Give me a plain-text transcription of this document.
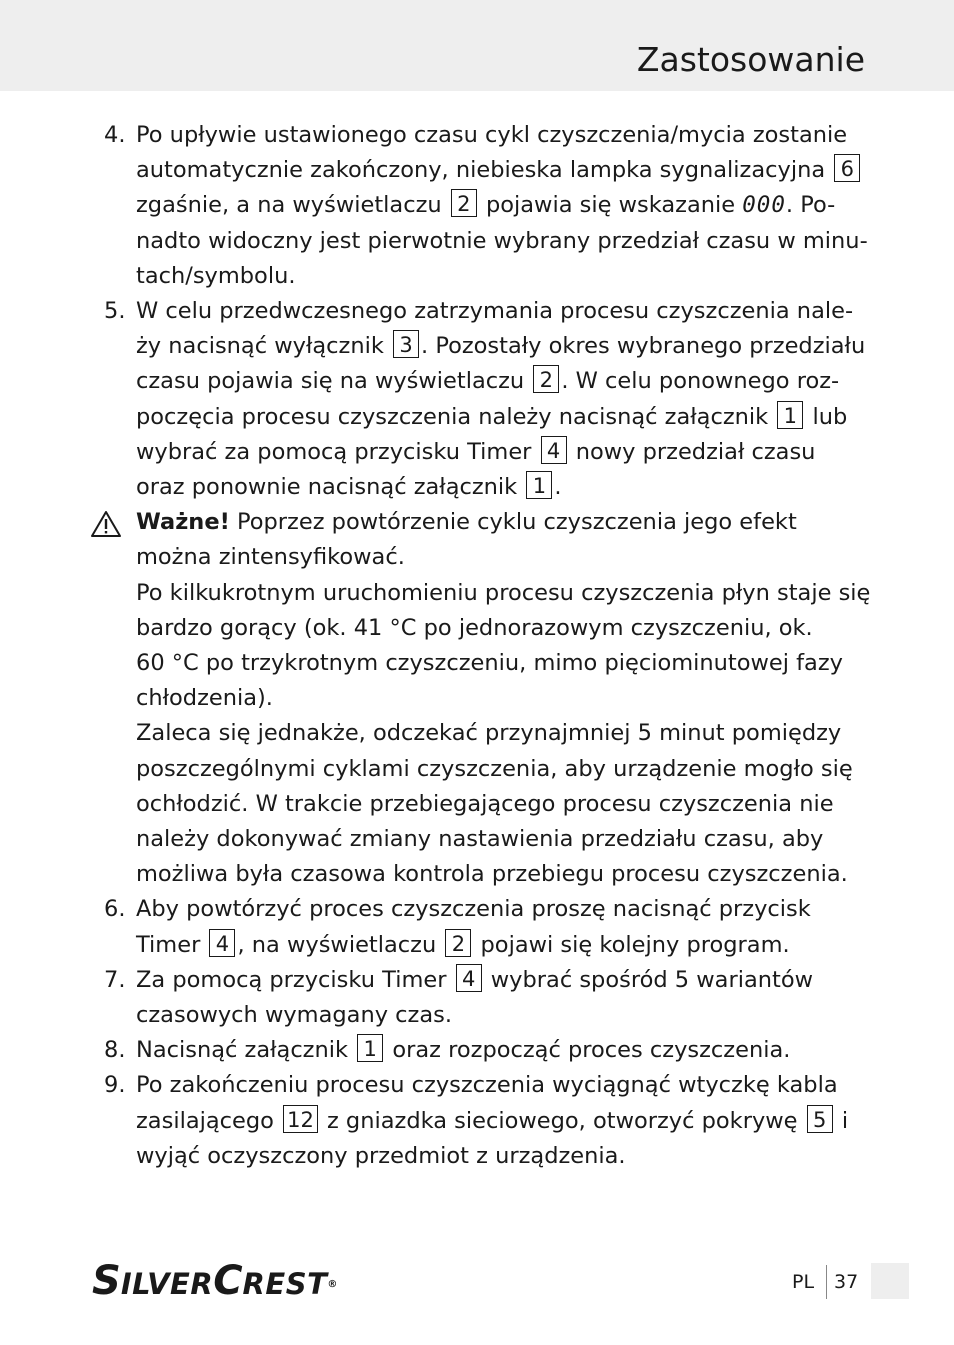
Zastosowanie
4. Po upływie ustawionego czasu cykl czyszczenia/mycia zostanie
automatycznie zakończony, niebieska lampka sygnalizacyjna 6
zgaśnie, a na wyświetlaczu 2 pojawia się wskazanie 000. Po-
nadto widoczny jest pierwotnie wybrany przedział czasu w minu-
tach/symbolu.
5. W celu przedwczesnego zatrzymania procesu czyszczenia nale-
ży nacisnąć wyłącznik 3 . Pozostały okres wybranego przedziału
czasu pojawia się na wyświetlaczu 2 . W celu ponownego roz-
poczęcia procesu czyszczenia należy nacisnąć załącznik 1 lub
wybrać za pomocą przycisku Timer 4 nowy przedział czasu
oraz ponownie nacisnąć załącznik 1 .
Ważne! Poprzez powtórzenie cyklu czyszczenia jego efekt
można zintensyfikować.
Po kilkukrotnym uruchomieniu procesu czyszczenia płyn staje się
bardzo gorący (ok. 41 °C po jednorazowym czyszczeniu, ok.
60 °C po trzykrotnym czyszczeniu, mimo pięciominutowej fazy
chłodzenia).
Zaleca się jednakże, odczekać przynajmniej 5 minut pomiędzy
poszczególnymi cyklami czyszczenia, aby urządzenie mogło się
ochłodzić. W trakcie przebiegającego procesu czyszczenia nie
należy dokonywać zmiany nastawienia przedziału czasu, aby
możliwa była czasowa kontrola przebiegu procesu czyszczenia.
6. Aby powtórzyć proces czyszczenia proszę nacisnąć przycisk
Timer 4 , na wyświetlaczu 2 pojawi się kolejny program.
7. Za pomocą przycisku Timer 4 wybrać spośród 5 wariantów
czasowych wymagany czas.
8. Nacisnąć załącznik 1 oraz rozpocząć proces czyszczenia.
9. Po zakończeniu procesu czyszczenia wyciągnąć wtyczkę kabla
zasilającego 12 z gniazdka sieciowego, otworzyć pokrywę 5 i
wyjąć oczyszczony przedmiot z urządzenia.
SILVERCREST®	PL 37
